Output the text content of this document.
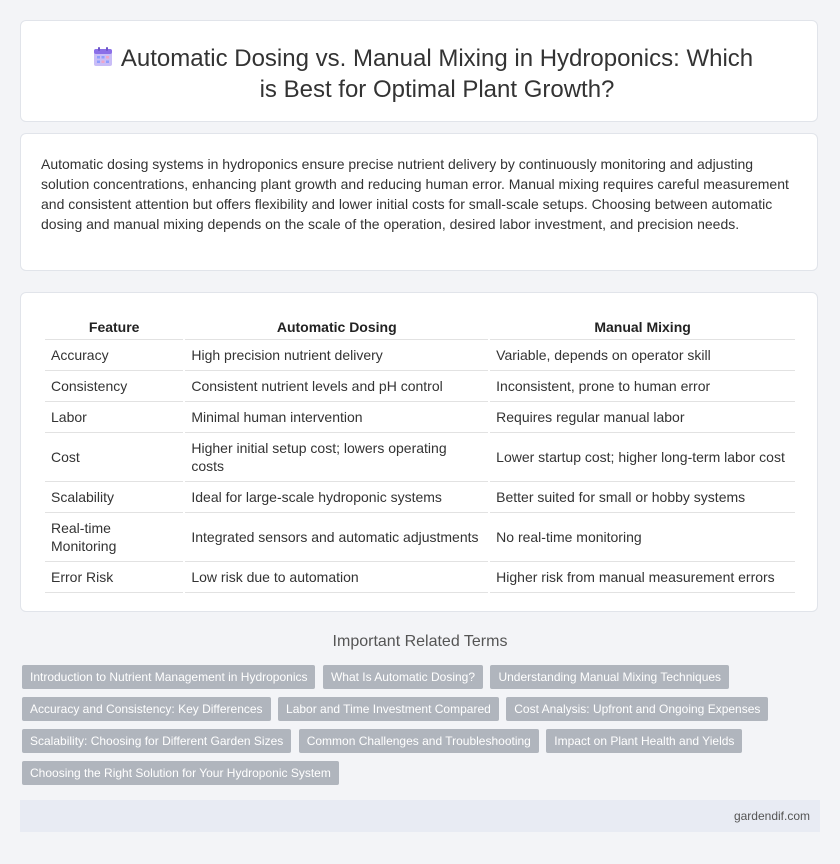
Automatic Dosing vs. Manual Mixing in Hydroponics: Which is Best for Optimal Plant Growth?

Automatic dosing systems in hydroponics ensure precise nutrient delivery by continuously monitoring and adjusting solution concentrations, enhancing plant growth and reducing human error. Manual mixing requires careful measurement and consistent attention but offers flexibility and lower initial costs for small-scale setups. Choosing between automatic dosing and manual mixing depends on the scale of the operation, desired labor investment, and precision needs.

Feature	Automatic Dosing	Manual Mixing
Accuracy	High precision nutrient delivery	Variable, depends on operator skill
Consistency	Consistent nutrient levels and pH control	Inconsistent, prone to human error
Labor	Minimal human intervention	Requires regular manual labor
Cost	Higher initial setup cost; lowers operating costs	Lower startup cost; higher long-term labor cost
Scalability	Ideal for large-scale hydroponic systems	Better suited for small or hobby systems
Real-time Monitoring	Integrated sensors and automatic adjustments	No real-time monitoring
Error Risk	Low risk due to automation	Higher risk from manual measurement errors
Important Related Terms
Introduction to Nutrient Management in Hydroponics What Is Automatic Dosing? Understanding Manual Mixing Techniques Accuracy and Consistency: Key Differences Labor and Time Investment Compared Cost Analysis: Upfront and Ongoing Expenses Scalability: Choosing for Different Garden Sizes Common Challenges and Troubleshooting Impact on Plant Health and Yields Choosing the Right Solution for Your Hydroponic System
gardendif.com
